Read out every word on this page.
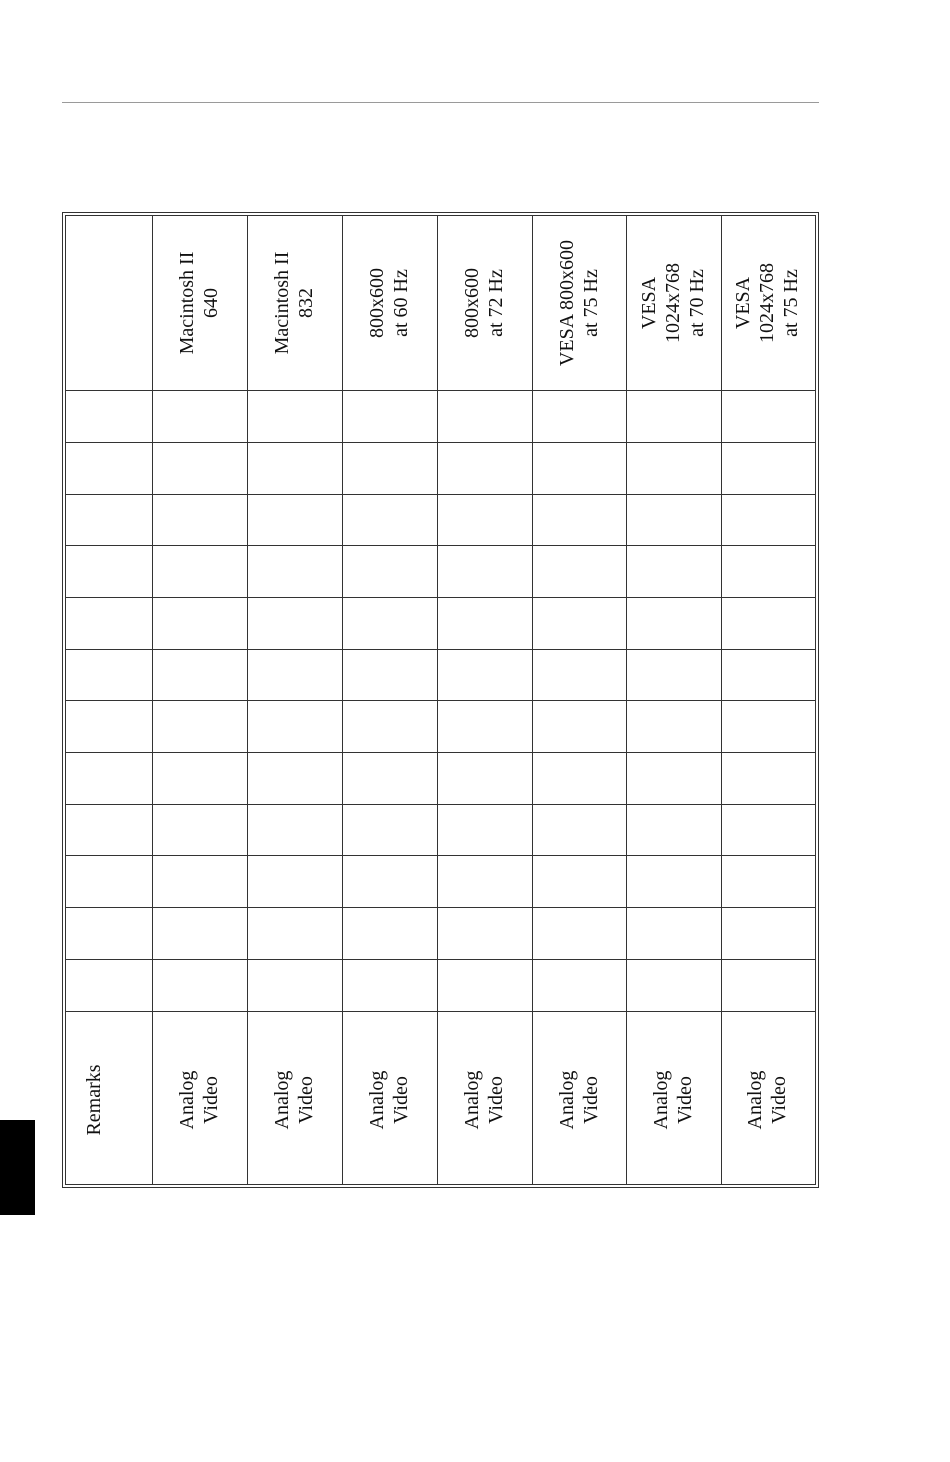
Macintosh II 640 Macintosh II 832 800x600 at 60 Hz 800x600 at 72 Hz VESA 800x600 at 75 Hz VESA 1024x768 at 70 Hz VESA 1024x768 at 75 Hz
Remarks	Analog Video Analog Video Analog Video Analog Video Analog Video Analog Video Analog Video
